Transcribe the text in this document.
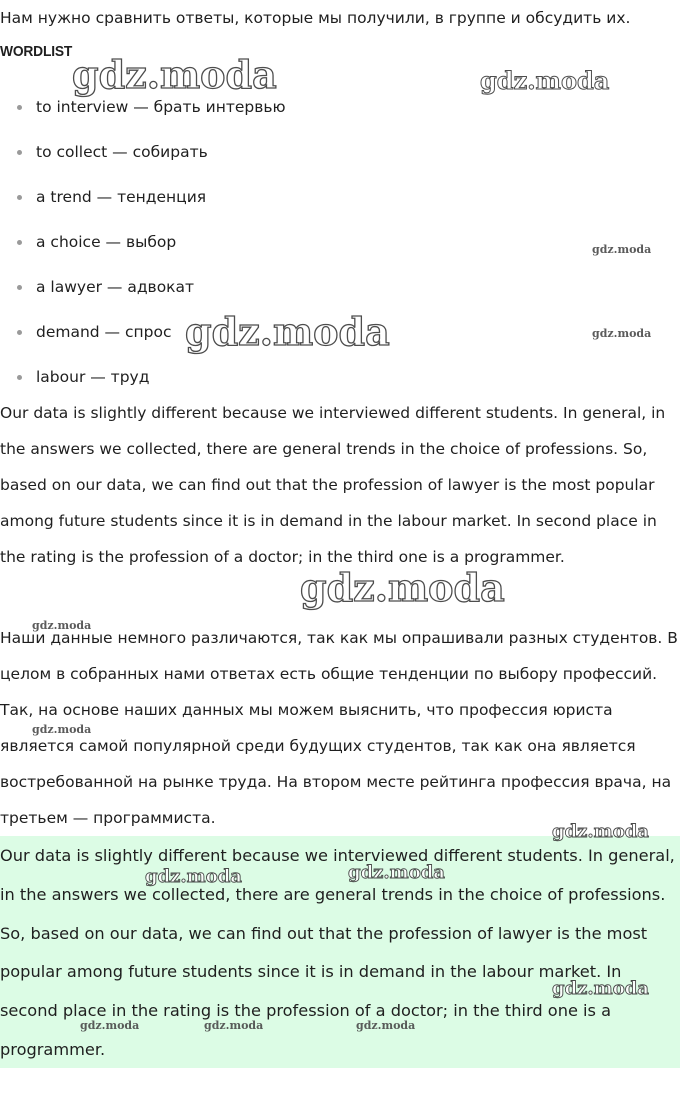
Нам нужно сравнить ответы, которые мы получили, в группе и обсудить их.

WORDLIST
to interview — брать интервью
to collect — собирать
a trend — тенденция
a choice — выбор
a lawyer — адвокат
demand — спрос
labour — труд

Our data is slightly different because we interviewed different students. In general, in the answers we collected, there are general trends in the choice of professions. So, based on our data, we can find out that the profession of lawyer is the most popular among future students since it is in demand in the labour market. In second place in the rating is the profession of a doctor; in the third one is a programmer.

Наши данные немного различаются, так как мы опрашивали разных студентов. В целом в собранных нами ответах есть общие тенденции по выбору профессий. Так, на основе наших данных мы можем выяснить, что профессия юриста является самой популярной среди будущих студентов, так как она является востребованной на рынке труда. На втором месте рейтинга профессия врача, на третьем — программиста.

Our data is slightly different because we interviewed different students. In general, in the answers we collected, there are general trends in the choice of professions. So, based on our data, we can find out that the profession of lawyer is the most popular among future students since it is in demand in the labour market. In second place in the rating is the profession of a doctor; in the third one is a programmer.

gdz.moda	gdz.moda
gdz.moda
gdz.moda	gdz.moda
gdz.moda
gdz.moda
gdz.moda
gdz.moda
gdz.moda	gdz.moda
gdz.moda
gdz.moda	gdz.moda	gdz.moda
